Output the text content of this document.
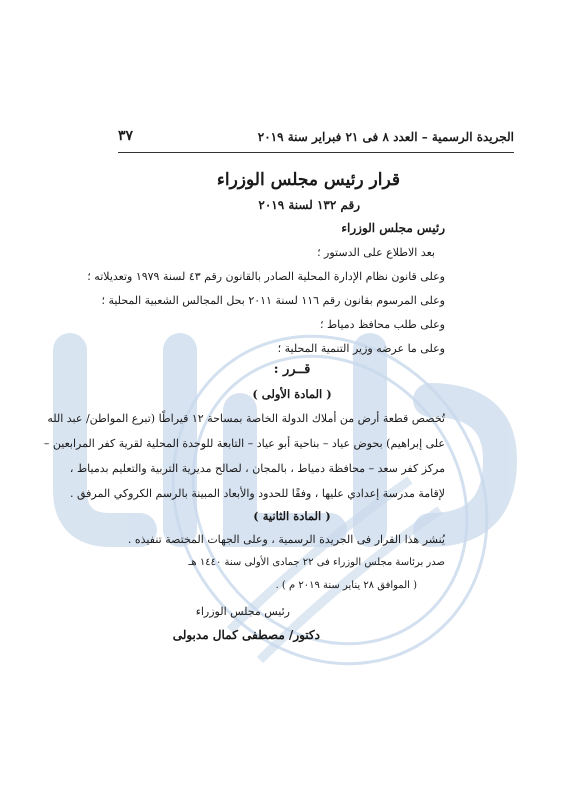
الجريدة الرسمية – العدد ٨ فى ٢١ فبراير سنة ٢٠١٩
٣٧
قرار رئيس مجلس الوزراء
رقم ١٣٢ لسنة ٢٠١٩
رئيس مجلس الوزراء
بعد الاطلاع على الدستور ؛
وعلى قانون نظام الإدارة المحلية الصادر بالقانون رقم ٤٣ لسنة ١٩٧٩ وتعديلاته ؛
وعلى المرسوم بقانون رقم ١١٦ لسنة ٢٠١١ بحل المجالس الشعبية المحلية ؛
وعلى طلب محافظ دمياط ؛
وعلى ما عرضه وزير التنمية المحلية ؛
قــرر :
( المادة الأولى )
تُخصص قطعة أرض من أملاك الدولة الخاصة بمساحة ١٢ قيراطًا (تبرع المواطن/ عبد الله
على إبراهيم) بحوض عياد – بناحية أبو عياد – التابعة للوحدة المحلية لقرية كفر المرابعين –
مركز كفر سعد – محافظة دمياط ، بالمجان ، لصالح مديرية التربية والتعليم بدمياط ،
لإقامة مدرسة إعدادي عليها ، وفقًا للحدود والأبعاد المبينة بالرسم الكروكي المرفق .
( المادة الثانية )
يُنشر هذا القرار فى الجريدة الرسمية ، وعلى الجهات المختصة تنفيذه .
صدر برئاسة مجلس الوزراء فى ٢٢ جمادى الأولى سنة ١٤٤٠ هـ
( الموافق ٢٨ يناير سنة ٢٠١٩ م ) .
رئيس مجلس الوزراء
دكتور/ مصطفى كمال مدبولى
